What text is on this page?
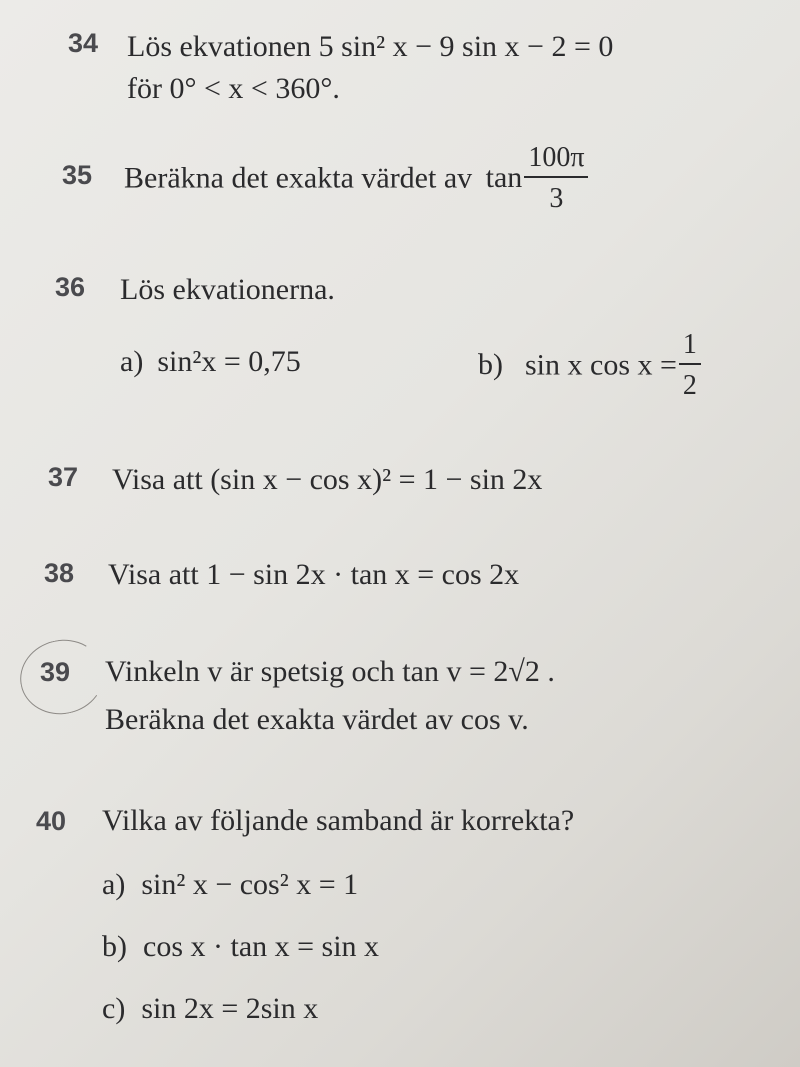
34 Lös ekvationen 5 sin² x − 9 sin x − 2 = 0
för 0° < x < 360°.
35 Beräkna det exakta värdet av $\tan \frac{100\pi}{3}$
36 Lös ekvationerna.
a) sin²x = 0,75	b) sin x $\cos x = \frac{1}{2}$
37 Visa att (sin x − cos x)² = 1 − sin 2x
38 Visa att 1 − sin 2x · tan x = cos 2x
39 Vinkeln v är spetsig och tan v = 2√2 .
Beräkna det exakta värdet av cos v.
40 Vilka av följande samband är korrekta?
a) sin² x − cos² x = 1
b) cos x · tan x = sin x
c) sin 2x = 2sin x
